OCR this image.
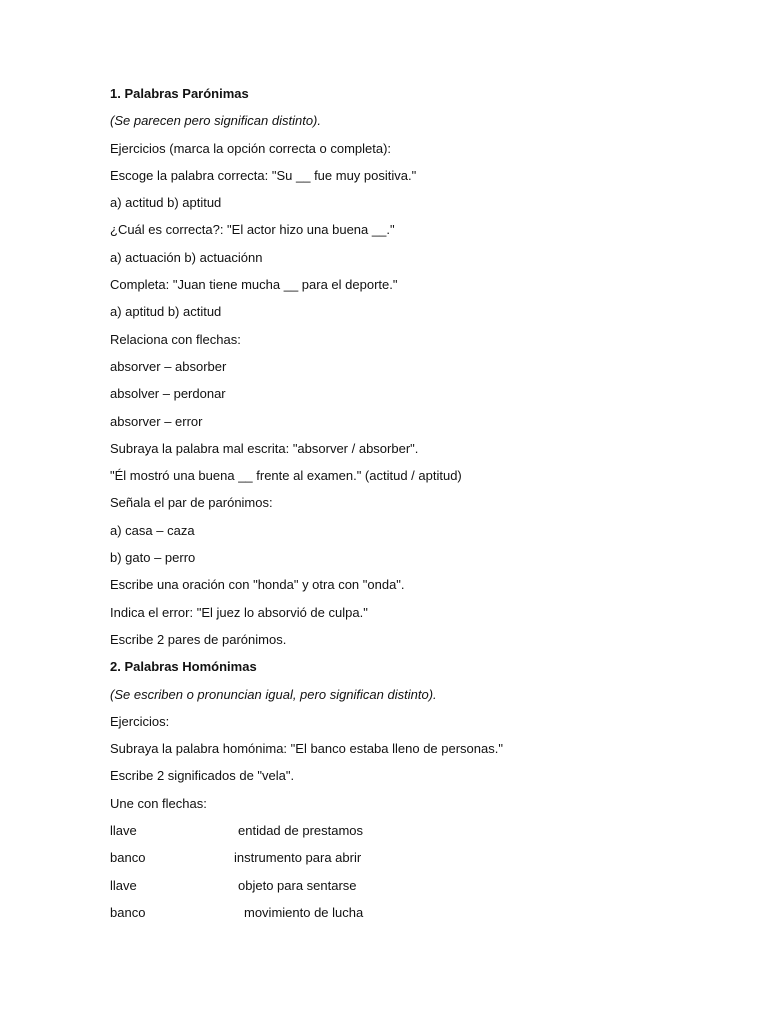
1. Palabras Parónimas
(Se parecen pero significan distinto).
Ejercicios (marca la opción correcta o completa):
Escoge la palabra correcta: "Su __ fue muy positiva."
a) actitud b) aptitud
¿Cuál es correcta?: "El actor hizo una buena __."
a) actuación b) actuaciónn
Completa: "Juan tiene mucha __ para el deporte."
a) aptitud b) actitud
Relaciona con flechas:
absorver – absorber
absolver – perdonar
absorver – error
Subraya la palabra mal escrita: "absorver / absorber".
"Él mostró una buena __ frente al examen." (actitud / aptitud)
Señala el par de parónimos:
a) casa – caza
b) gato – perro
Escribe una oración con "honda" y otra con "onda".
Indica el error: "El juez lo absorvió de culpa."
Escribe 2 pares de parónimos.
2. Palabras Homónimas
(Se escriben o pronuncian igual, pero significan distinto).
Ejercicios:
Subraya la palabra homónima: "El banco estaba lleno de personas."
Escribe 2 significados de "vela".
Une con flechas:
llave	entidad de prestamos
banco	instrumento para abrir
llave	objeto para sentarse
banco	movimiento de lucha
